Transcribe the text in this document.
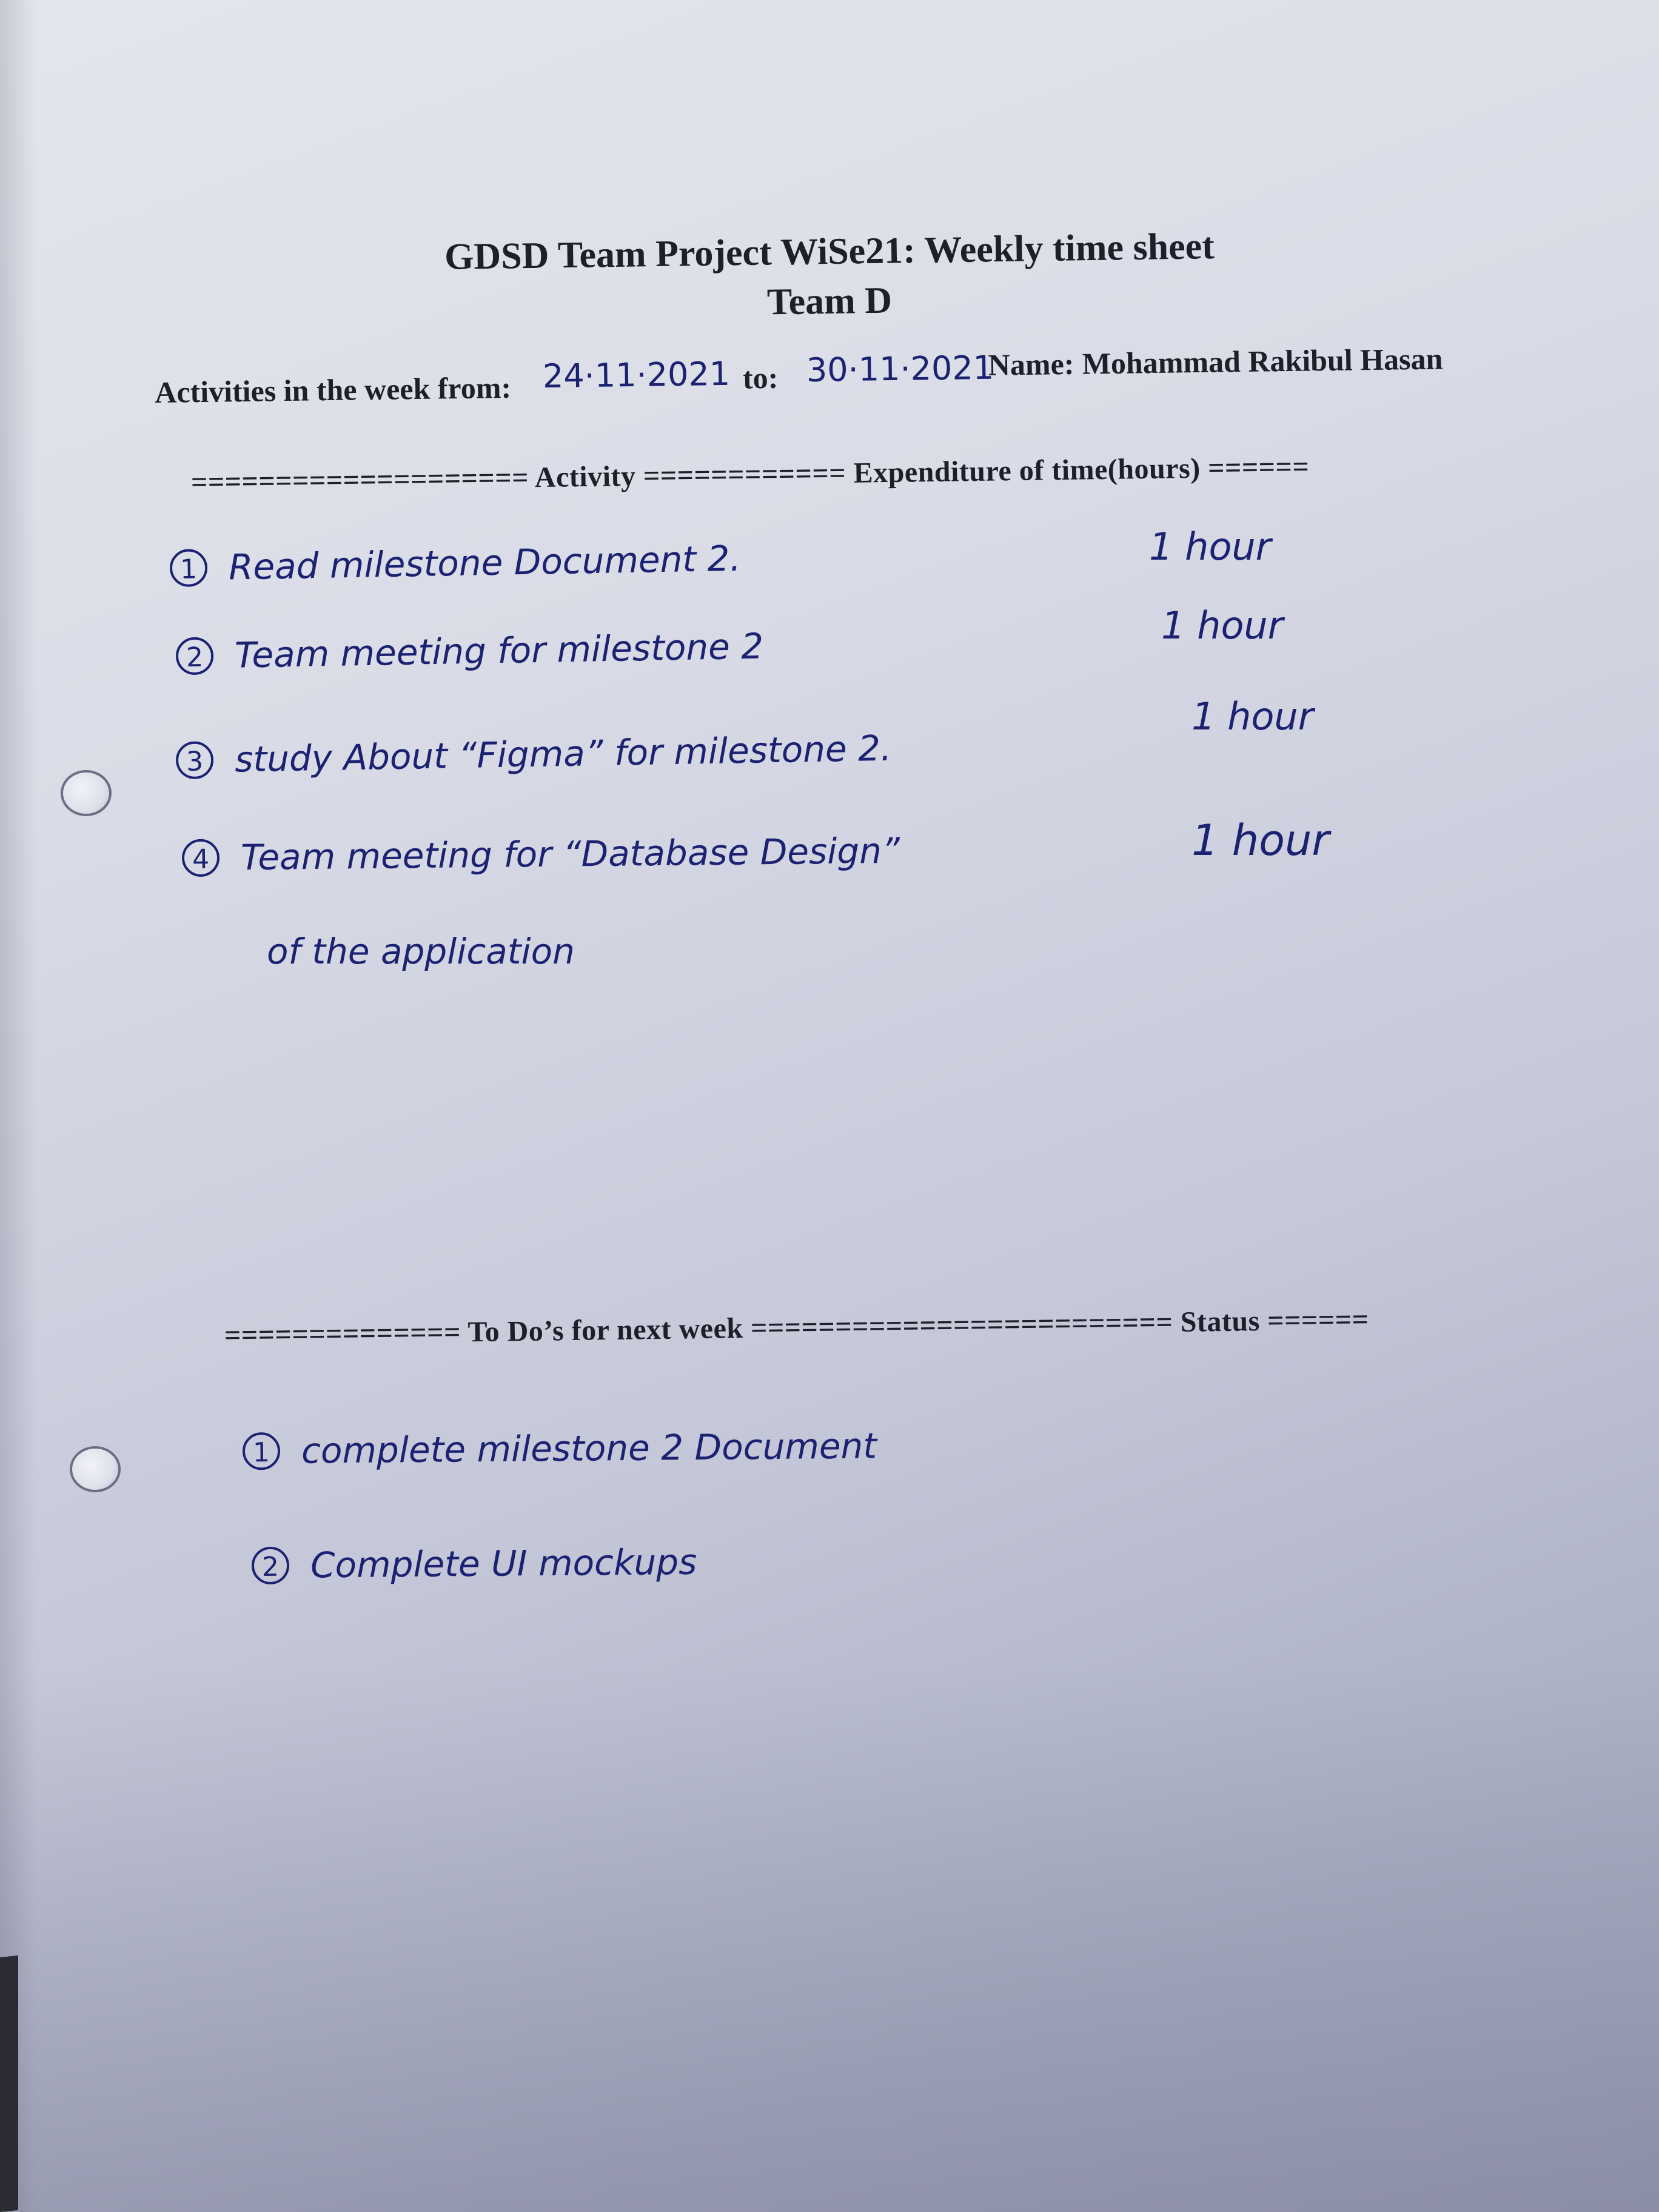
GDSD Team Project WiSe21: Weekly time sheet
Team D
Activities in the week from: 24·11·2021 to: 30·11·2021
Name: Mohammad Rakibul Hasan
==================== Activity ============ Expenditure of time(hours) ======
1 Read milestone Document 2.	1 hour
2 Team meeting for milestone 2
1 hour
3 study About “Figma” for milestone 2.
1 hour
4 Team meeting for “Database Design”
of the application
1 hour
============== To Do’s for next week ========================= Status ======
1 complete milestone 2 Document
2 Complete UI mockups
